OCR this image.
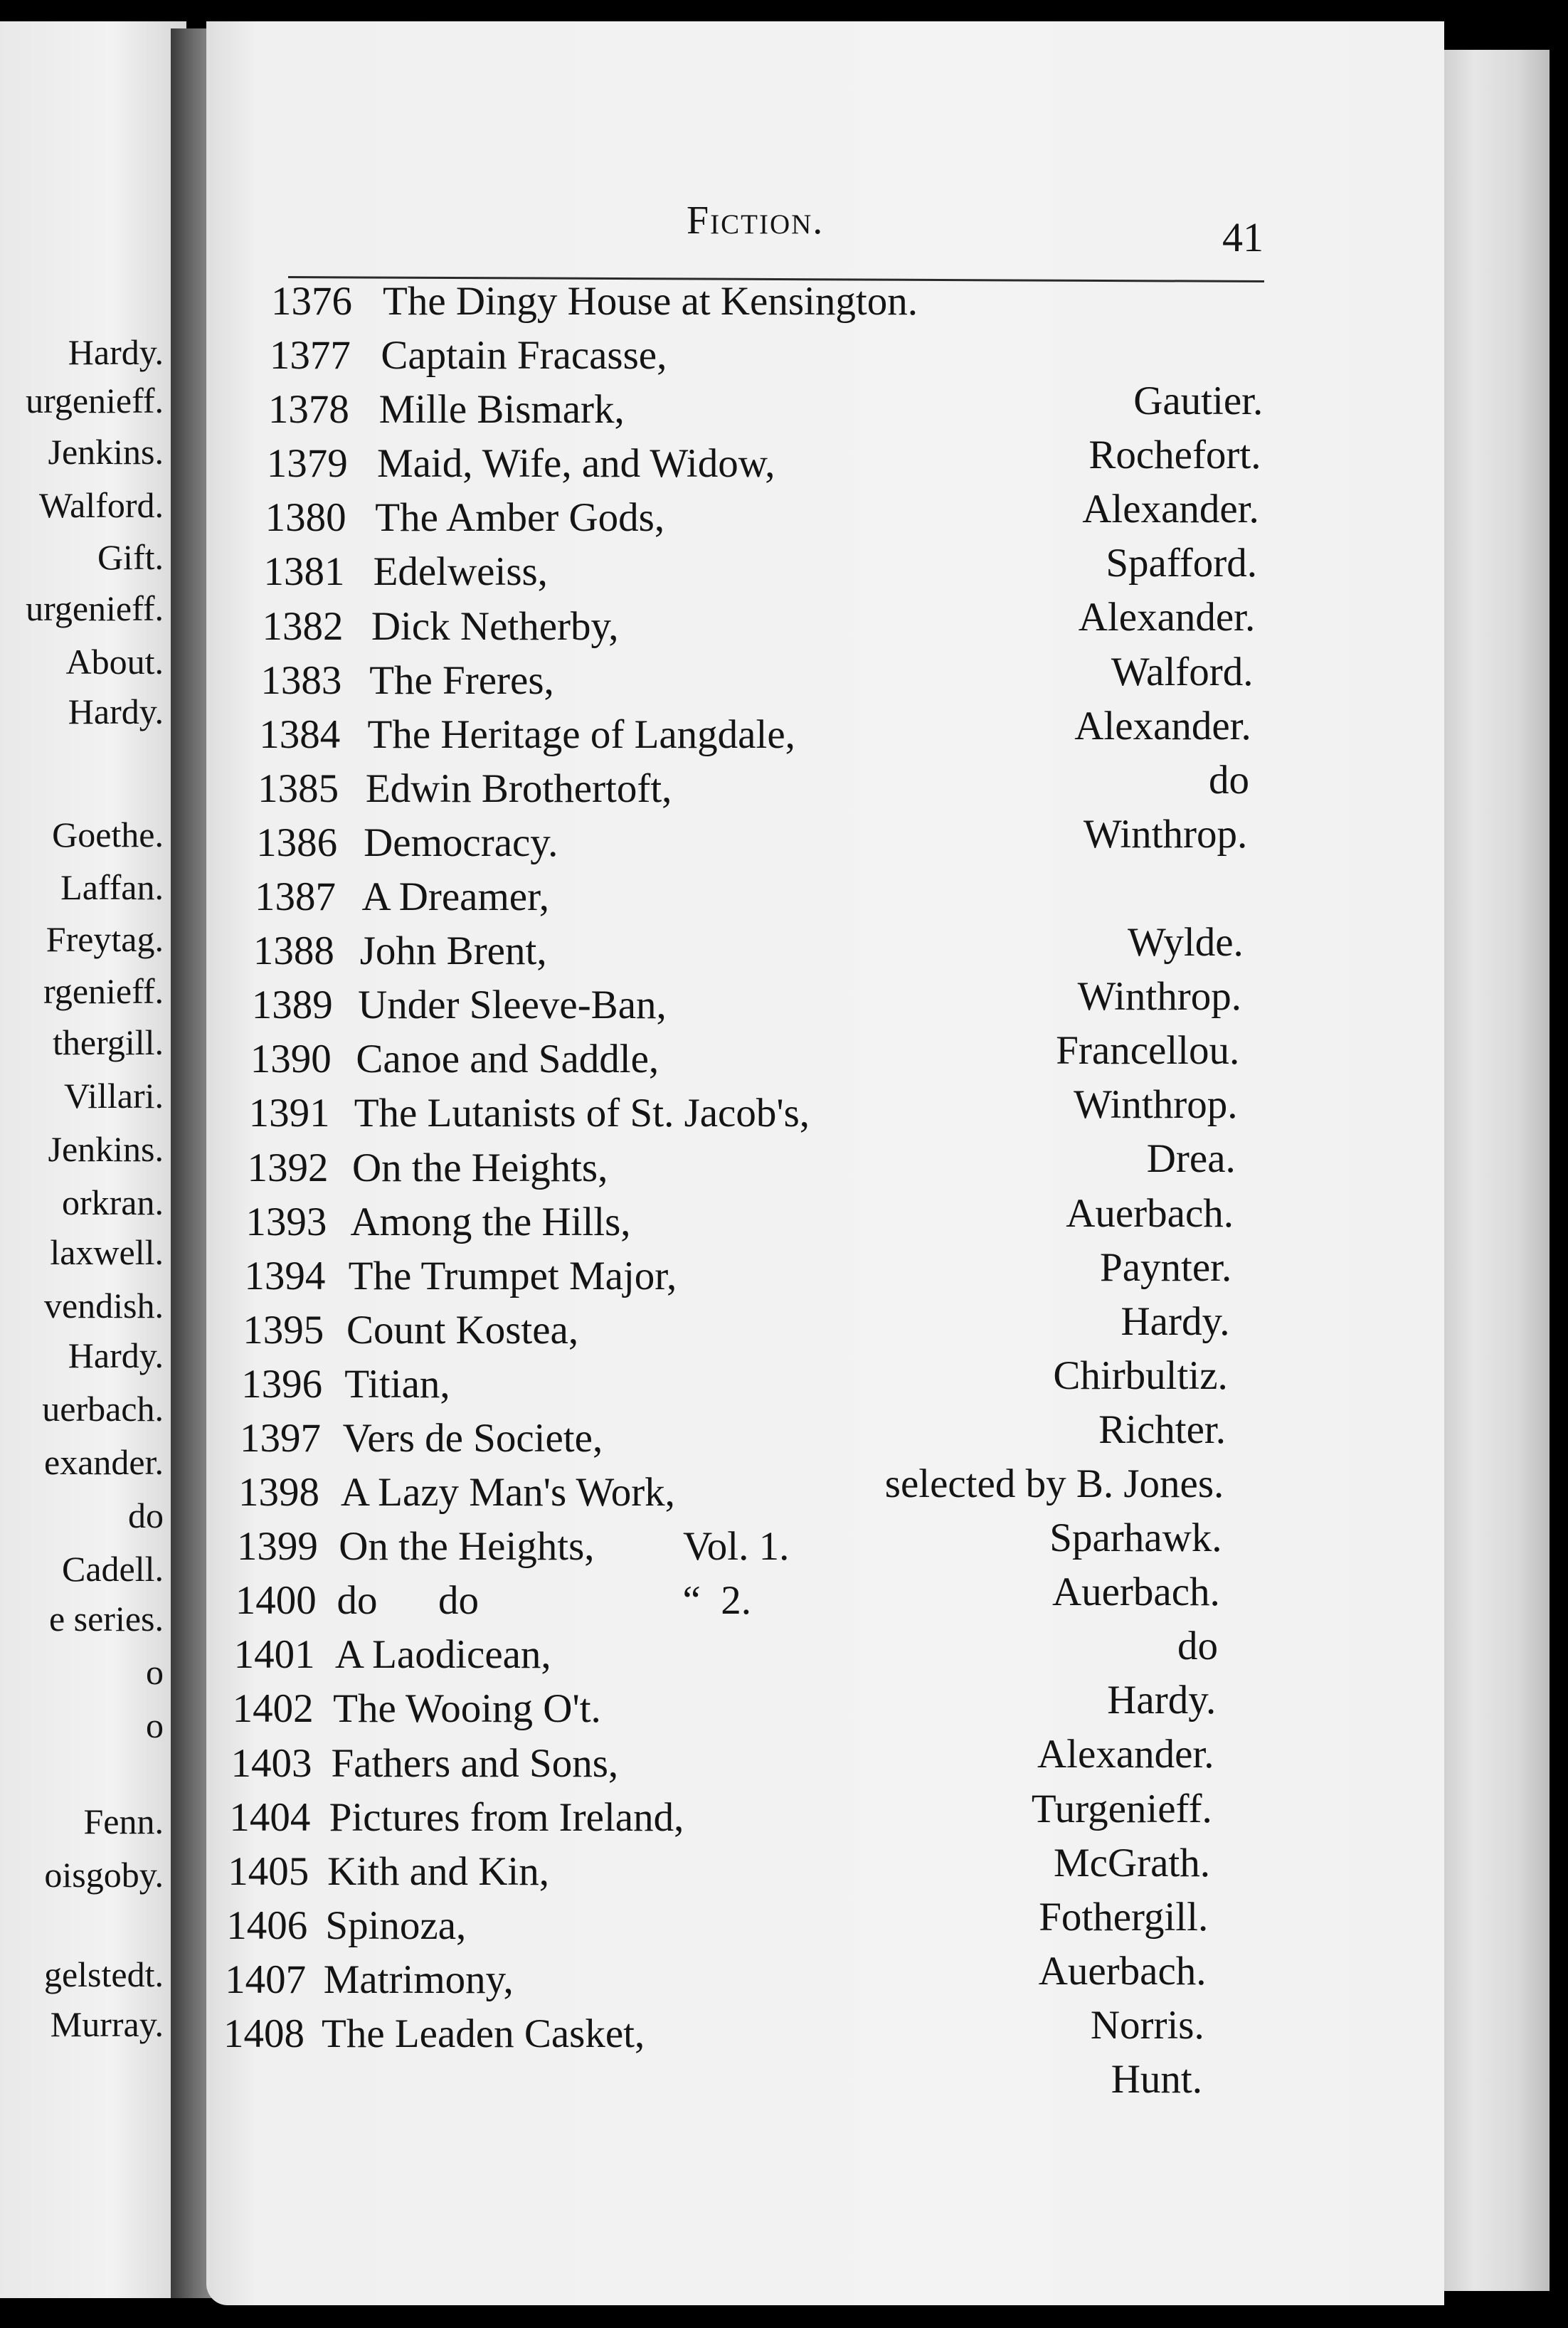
Hardy.
urgenieff.
Jenkins.
Walford.
Gift.
urgenieff.
About.
Hardy.
Goethe.
Laffan.
Freytag.
rgenieff.
thergill.
Villari.
Jenkins.
orkran.
laxwell.
vendish.
Hardy.
uerbach.
exander.
do
Cadell.
e series.
o
o
Fenn.
oisgoby.
gelstedt.
Murray.
Fiction.	41
1376 The Dingy House at Kensington.
1377 Captain Fracasse,
Gautier.
1378 Mille Bismark,
Rochefort.
1379 Maid, Wife, and Widow,
Alexander.
1380 The Amber Gods,
Spafford.
1381 Edelweiss,
Alexander.
1382 Dick Netherby,
Walford.
1383 The Freres,
Alexander.
1384 The Heritage of Langdale,
do
1385 Edwin Brothertoft,
Winthrop.
1386 Democracy.
1387 A Dreamer,
Wylde.
1388 John Brent,
Winthrop.
1389 Under Sleeve-Ban,
Francellou.
1390 Canoe and Saddle,
Winthrop.
1391 The Lutanists of St. Jacob's,
Drea.
1392 On the Heights,
Auerbach.
1393 Among the Hills,
Paynter.
1394 The Trumpet Major,
Hardy.
1395 Count Kostea,
Chirbultiz.
1396 Titian,
Richter.
1397 Vers de Societe,
selected by B. Jones.
1398 A Lazy Man's Work,
Sparhawk.
1399 On the Heights, Vol. 1.
Auerbach.
1400 do      do	“  2.
do
1401 A Laodicean,
Hardy.
1402 The Wooing O't.
Alexander.
1403 Fathers and Sons,
Turgenieff.
1404 Pictures from Ireland,
McGrath.
1405 Kith and Kin,
Fothergill.
1406 Spinoza,
Auerbach.
1407 Matrimony,
Norris.
1408 The Leaden Casket,
Hunt.
